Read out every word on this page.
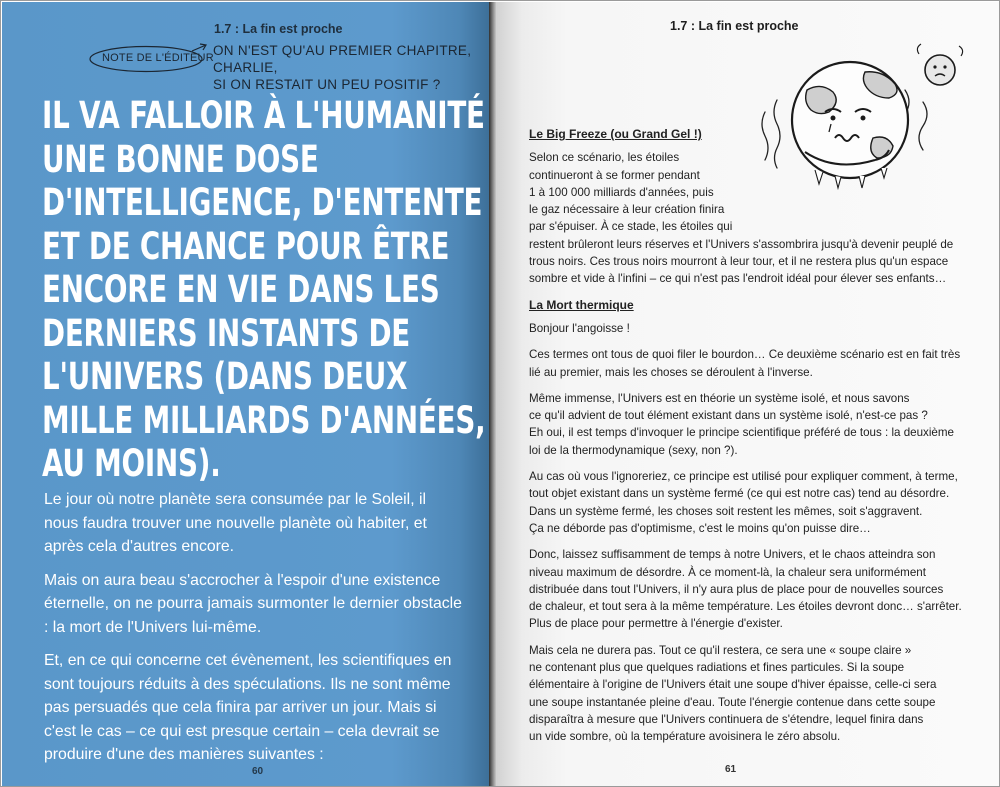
1.7 : La fin est proche
NOTE DE L'ÉDITEUR ON N'EST QU'AU PREMIER CHAPITRE, CHARLIE,
SI ON RESTAIT UN PEU POSITIF ?
IL VA FALLOIR À L'HUMANITÉ
UNE BONNE DOSE
D'INTELLIGENCE, D'ENTENTE
ET DE CHANCE POUR ÊTRE
ENCORE EN VIE DANS LES
DERNIERS INSTANTS DE
L'UNIVERS (DANS DEUX
MILLE MILLIARDS D'ANNÉES,
AU MOINS).

Le jour où notre planète sera consumée par le Soleil, il nous faudra trouver une nouvelle planète où habiter, et après cela d'autres encore.

Mais on aura beau s'accrocher à l'espoir d'une existence éternelle, on ne pourra jamais surmonter le dernier obstacle : la mort de l'Univers lui-même.

Et, en ce qui concerne cet évènement, les scientifiques en sont toujours réduits à des spéculations. Ils ne sont même pas persuadés que cela finira par arriver un jour. Mais si c'est le cas – ce qui est presque certain – cela devrait se produire d'une des manières suivantes :

60
1.7 : La fin est proche
Le Big Freeze (ou Grand Gel !)

Selon ce scénario, les étoiles
continueront à se former pendant
1 à 100 000 milliards d'années, puis
le gaz nécessaire à leur création finira
par s'épuiser. À ce stade, les étoiles qui
restent brûleront leurs réserves et l'Univers s'assombrira jusqu'à devenir peuplé de
trous noirs. Ces trous noirs mourront à leur tour, et il ne restera plus qu'un espace
sombre et vide à l'infini – ce qui n'est pas l'endroit idéal pour élever ses enfants…

La Mort thermique

Bonjour l'angoisse !

Ces termes ont tous de quoi filer le bourdon… Ce deuxième scénario est en fait très
lié au premier, mais les choses se déroulent à l'inverse.

Même immense, l'Univers est en théorie un système isolé, et nous savons
ce qu'il advient de tout élément existant dans un système isolé, n'est-ce pas ?
Eh oui, il est temps d'invoquer le principe scientifique préféré de tous : la deuxième
loi de la thermodynamique (sexy, non ?).

Au cas où vous l'ignoreriez, ce principe est utilisé pour expliquer comment, à terme,
tout objet existant dans un système fermé (ce qui est notre cas) tend au désordre.
Dans un système fermé, les choses soit restent les mêmes, soit s'aggravent.
Ça ne déborde pas d'optimisme, c'est le moins qu'on puisse dire…

Donc, laissez suffisamment de temps à notre Univers, et le chaos atteindra son
niveau maximum de désordre. À ce moment-là, la chaleur sera uniformément
distribuée dans tout l'Univers, il n'y aura plus de place pour de nouvelles sources
de chaleur, et tout sera à la même température. Les étoiles devront donc… s'arrêter.
Plus de place pour permettre à l'énergie d'exister.

Mais cela ne durera pas. Tout ce qu'il restera, ce sera une « soupe claire »
ne contenant plus que quelques radiations et fines particules. Si la soupe
élémentaire à l'origine de l'Univers était une soupe d'hiver épaisse, celle-ci sera
une soupe instantanée pleine d'eau. Toute l'énergie contenue dans cette soupe
disparaîtra à mesure que l'Univers continuera de s'étendre, lequel finira dans
un vide sombre, où la température avoisinera le zéro absolu.

61
